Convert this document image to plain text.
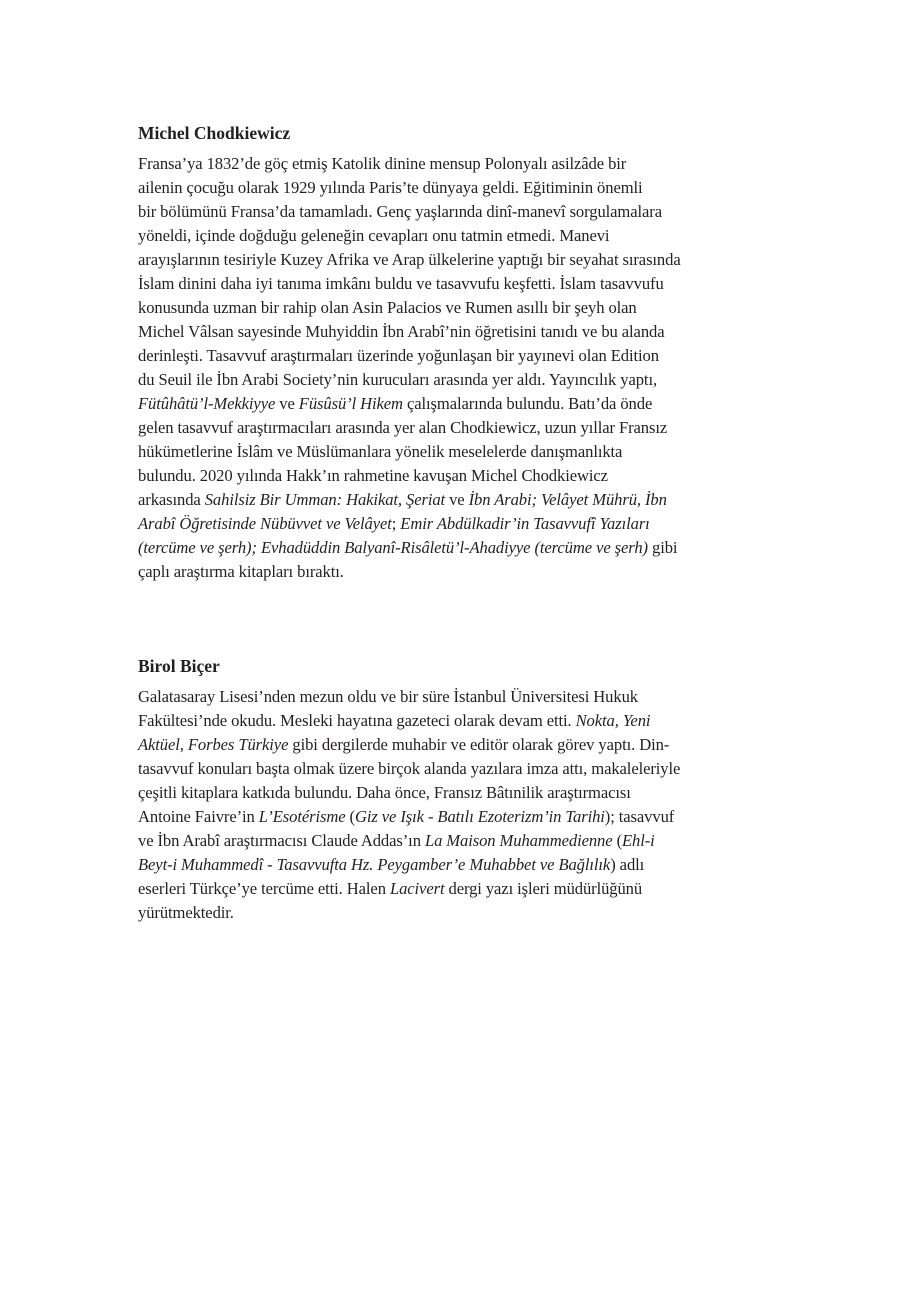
Michel Chodkiewicz

Fransa’ya 1832’de göç etmiş Katolik dinine mensup Polonyalı asilzâde bir
ailenin çocuğu olarak 1929 yılında Paris’te dünyaya geldi. Eğitiminin önemli
bir bölümünü Fransa’da tamamladı. Genç yaşlarında dinî-manevî sorgulamalara
yöneldi, içinde doğduğu geleneğin cevapları onu tatmin etmedi. Manevi
arayışlarının tesiriyle Kuzey Afrika ve Arap ülkelerine yaptığı bir seyahat sırasında
İslam dinini daha iyi tanıma imkânı buldu ve tasavvufu keşfetti. İslam tasavvufu
konusunda uzman bir rahip olan Asin Palacios ve Rumen asıllı bir şeyh olan
Michel Vâlsan sayesinde Muhyiddin İbn Arabî’nin öğretisini tanıdı ve bu alanda
derinleşti. Tasavvuf araştırmaları üzerinde yoğunlaşan bir yayınevi olan Edition
du Seuil ile İbn Arabi Society’nin kurucuları arasında yer aldı. Yayıncılık yaptı,
Fütûhâtü’l-Mekkiyye ve Füsûsü’l Hikem çalışmalarında bulundu. Batı’da önde
gelen tasavvuf araştırmacıları arasında yer alan Chodkiewicz, uzun yıllar Fransız
hükümetlerine İslâm ve Müslümanlara yönelik meselelerde danışmanlıkta
bulundu. 2020 yılında Hakk’ın rahmetine kavuşan Michel Chodkiewicz
arkasında Sahilsiz Bir Umman: Hakikat, Şeriat ve İbn Arabi; Velâyet Mührü, İbn
Arabî Öğretisinde Nübüvvet ve Velâyet; Emir Abdülkadir’in Tasavvufî Yazıları
(tercüme ve şerh); Evhadüddin Balyanî-Risâletü’l-Ahadiyye (tercüme ve şerh) gibi
çaplı araştırma kitapları bıraktı.

Birol Biçer

Galatasaray Lisesi’nden mezun oldu ve bir süre İstanbul Üniversitesi Hukuk
Fakültesi’nde okudu. Mesleki hayatına gazeteci olarak devam etti. Nokta, Yeni
Aktüel, Forbes Türkiye gibi dergilerde muhabir ve editör olarak görev yaptı. Din-
tasavvuf konuları başta olmak üzere birçok alanda yazılara imza attı, makaleleriyle
çeşitli kitaplara katkıda bulundu. Daha önce, Fransız Bâtınilik araştırmacısı
Antoine Faivre’in L’Esotérisme (Giz ve Işık - Batılı Ezoterizm’in Tarihi); tasavvuf
ve İbn Arabî araştırmacısı Claude Addas’ın La Maison Muhammedienne (Ehl-i
Beyt-i Muhammedî - Tasavvufta Hz. Peygamber’e Muhabbet ve Bağlılık) adlı
eserleri Türkçe’ye tercüme etti. Halen Lacivert dergi yazı işleri müdürlüğünü
yürütmektedir.
